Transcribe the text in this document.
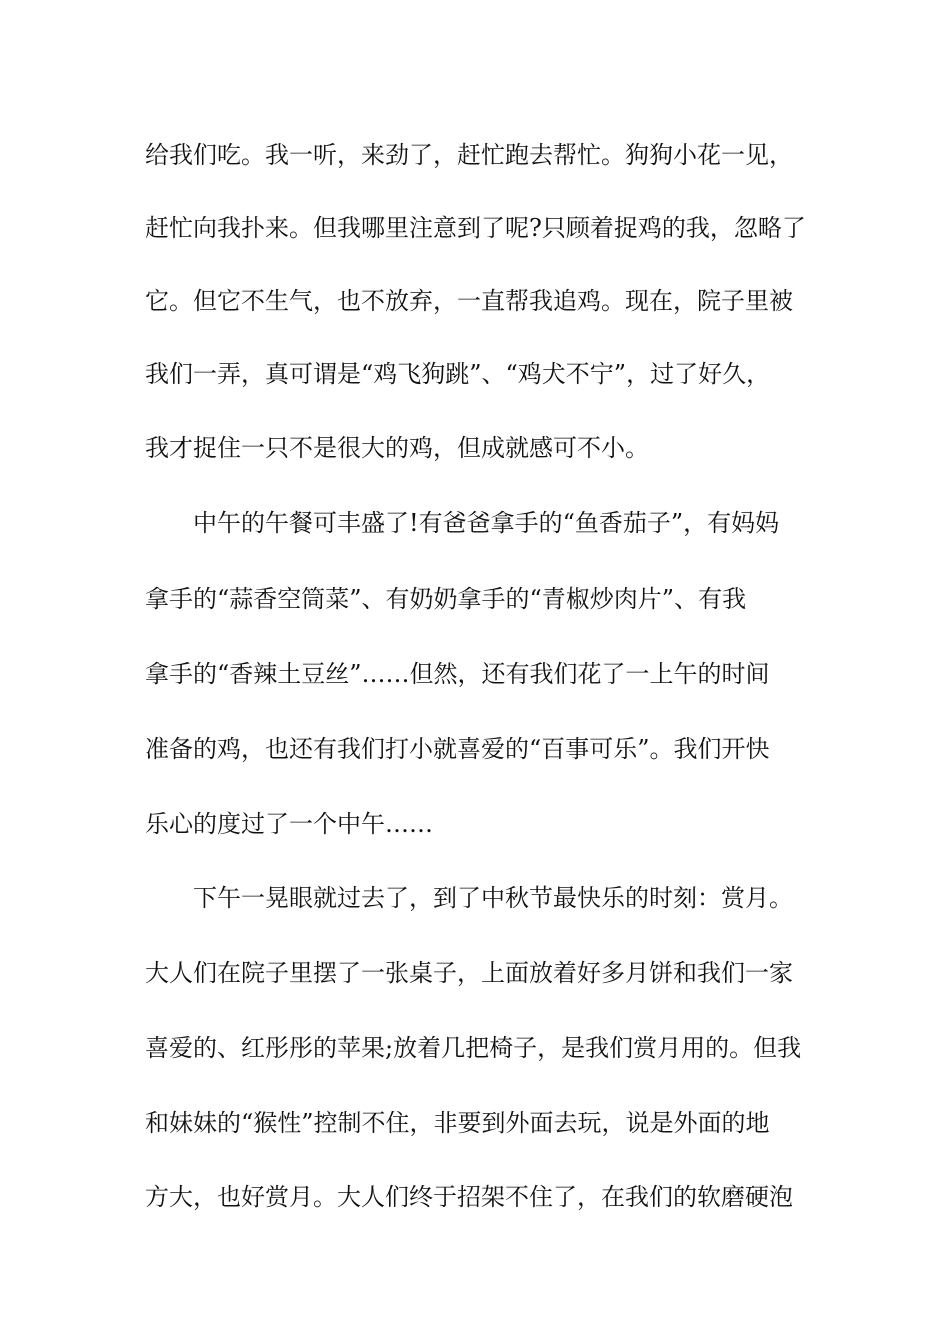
给我们吃。我一听，来劲了，赶忙跑去帮忙。狗狗小花一见，
赶忙向我扑来。但我哪里注意到了呢?只顾着捉鸡的我，忽略了
它。但它不生气，也不放弃，一直帮我追鸡。现在，院子里被
我们一弄，真可谓是“鸡飞狗跳”、“鸡犬不宁”，过了好久，
我才捉住一只不是很大的鸡，但成就感可不小。
中午的午餐可丰盛了!有爸爸拿手的“鱼香茄子”，有妈妈
拿手的“蒜香空筒菜”、有奶奶拿手的“青椒炒肉片”、有我
拿手的“香辣土豆丝”……但然，还有我们花了一上午的时间
准备的鸡，也还有我们打小就喜爱的“百事可乐”。我们开快
乐心的度过了一个中午……
下午一晃眼就过去了，到了中秋节最快乐的时刻：赏月。
大人们在院子里摆了一张桌子，上面放着好多月饼和我们一家
喜爱的、红彤彤的苹果;放着几把椅子，是我们赏月用的。但我
和妹妹的“猴性”控制不住，非要到外面去玩，说是外面的地
方大，也好赏月。大人们终于招架不住了，在我们的软磨硬泡
